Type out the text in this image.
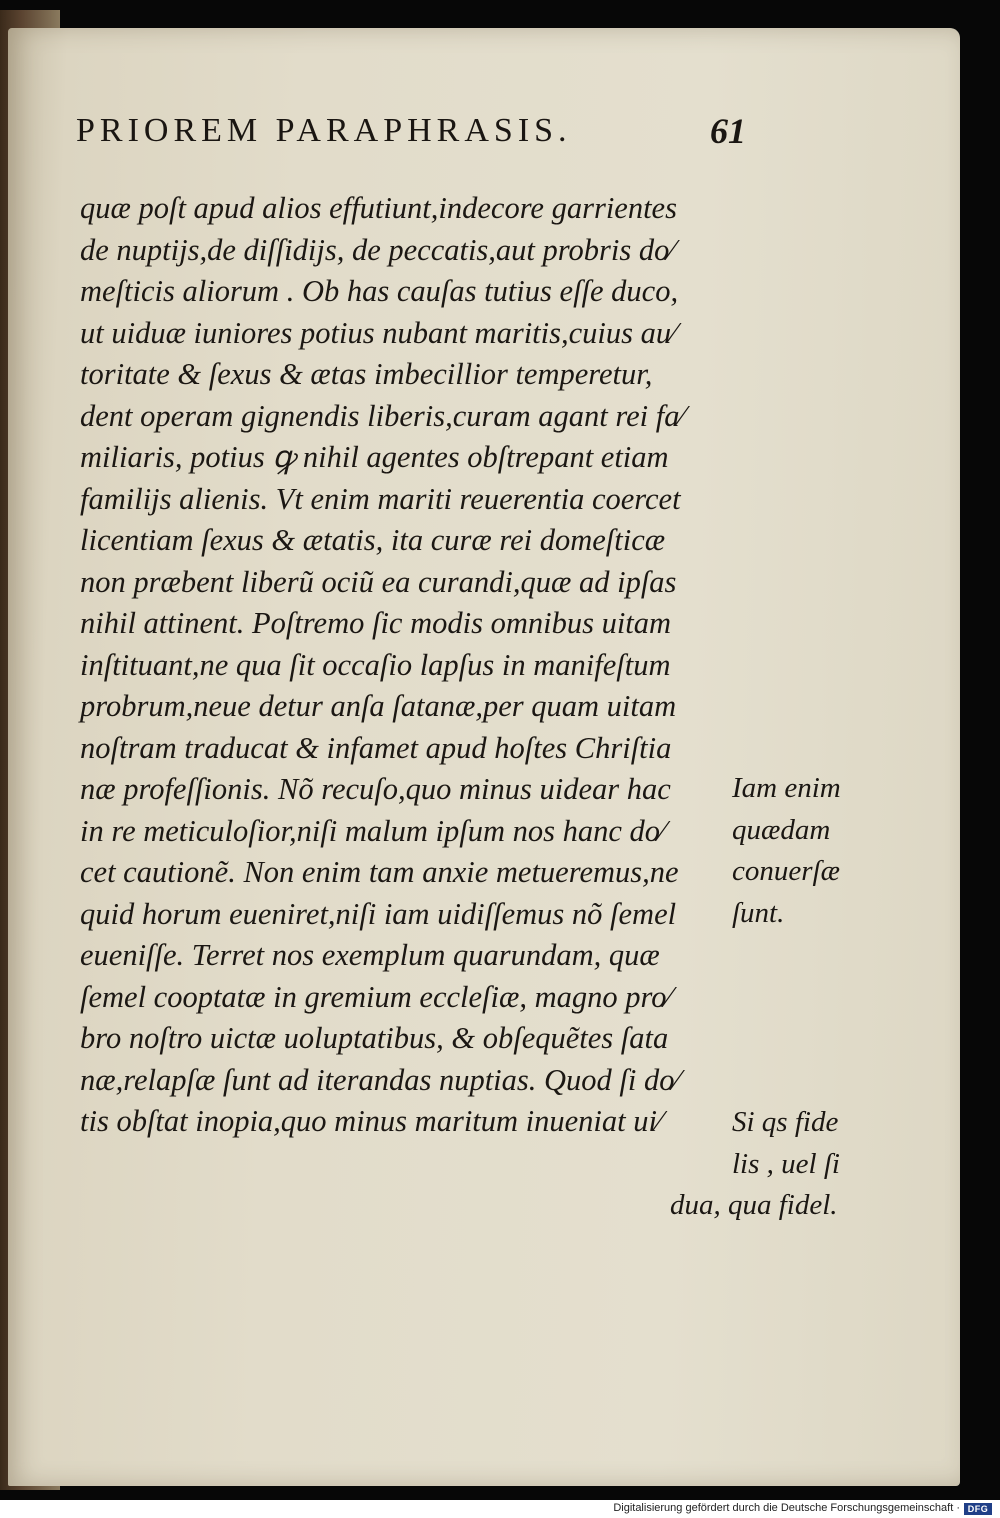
PRIOREM PARAPHRASIS.	61
quæ poſt apud alios effutiunt,indecore garrientes
de nuptijs,de diſſidijs, de peccatis,aut probris do⁄
meſticis aliorum . Ob has cauſas tutius eſſe duco,
ut uiduæ iuniores potius nubant maritis,cuius au⁄
toritate & ſexus & ætas imbecillior temperetur,
dent operam gignendis liberis,curam agant rei fa⁄
miliaris, potius ꝙ nihil agentes obſtrepant etiam
familijs alienis. Vt enim mariti reuerentia coercet
licentiam ſexus & ætatis, ita curæ rei domeſticæ
non præbent liberũ ociũ ea curandi,quæ ad ipſas
nihil attinent. Poſtremo ſic modis omnibus uitam
inſtituant,ne qua ſit occaſio lapſus in manifeſtum
probrum,neue detur anſa ſatanæ,per quam uitam
noſtram traducat & infamet apud hoſtes Chriſtia
næ profeſſionis. Nõ recuſo,quo minus uidear hac
in re meticuloſior,niſi malum ipſum nos hanc do⁄
cet cautionẽ. Non enim tam anxie metueremus,ne
quid horum eueniret,niſi iam uidiſſemus nõ ſemel
eueniſſe. Terret nos exemplum quarundam, quæ
ſemel cooptatæ in gremium eccleſiæ, magno pro⁄
bro noſtro uictæ uoluptatibus, & obſequẽtes ſata
næ,relapſæ ſunt ad iterandas nuptias. Quod ſi do⁄
tis obſtat inopia,quo minus maritum inueniat ui⁄
Iam enim
quædam
conuerſæ
ſunt.
Si qs fide
lis , uel ſi
dua, qua fidel.
Digitalisierung gefördert durch die Deutsche Forschungsgemeinschaft · DFG
